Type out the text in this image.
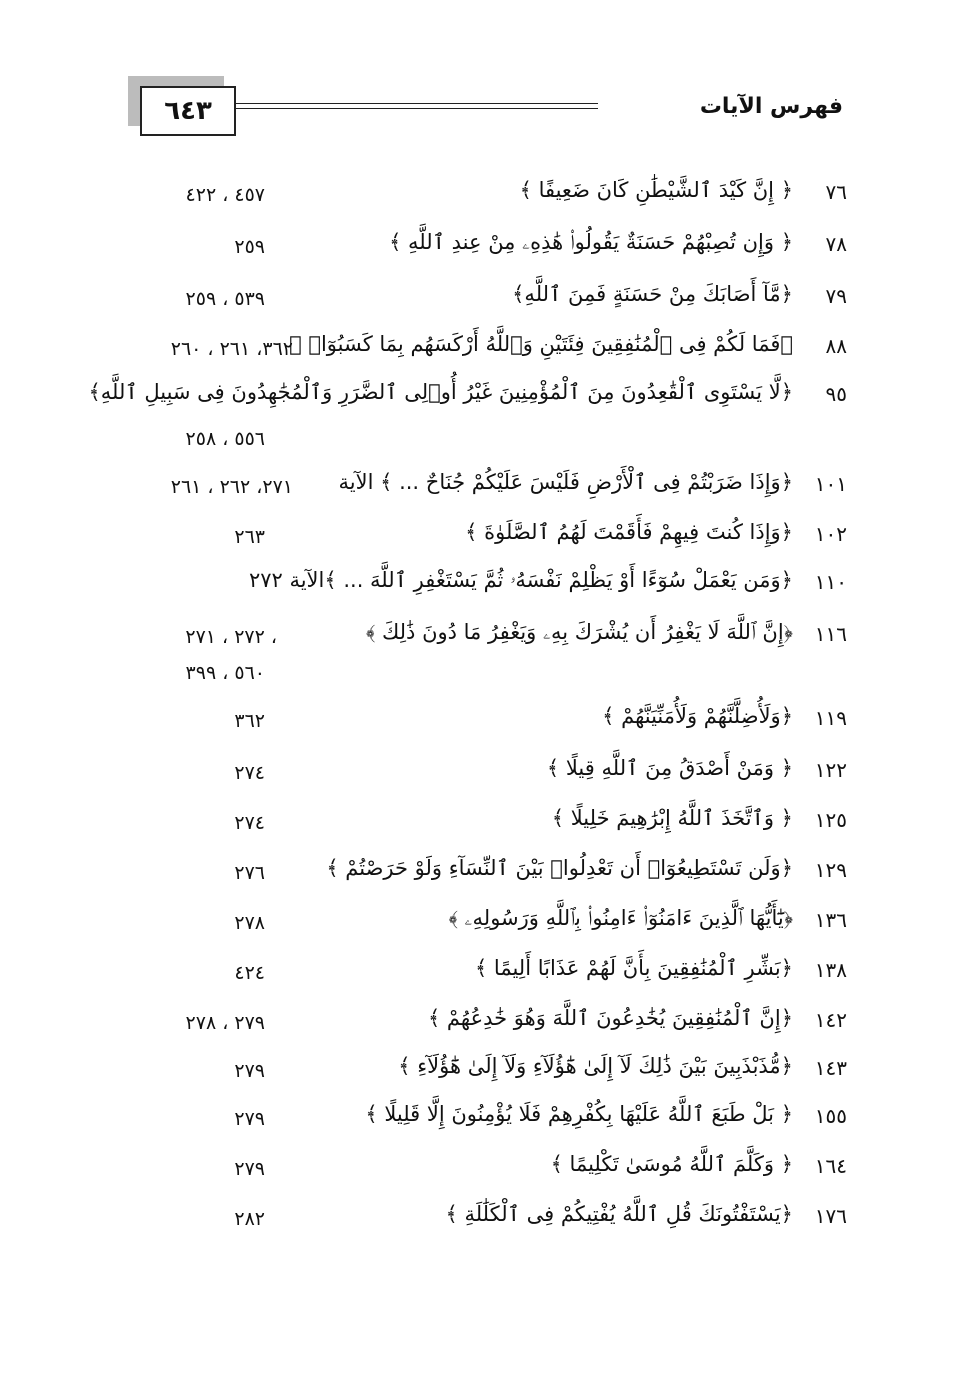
٦٤٣	فهرس الآيات
٧٦
﴿ إِنَّ كَيْدَ ٱلشَّيْطَٰنِ كَانَ ضَعِيفًا ﴾
٤٥٧ ، ٤٢٢
٧٨
﴿ وَإِن تُصِبْهُمْ حَسَنَةٌ يَقُولُوا۟ هَٰذِهِۦ مِنْ عِندِ ٱللَّهِ ﴾
٢٥٩
٧٩
﴿مَّآ أَصَابَكَ مِنْ حَسَنَةٍ فَمِنَ ٱللَّهِ﴾
٥٣٩ ، ٢٥٩
٨٨
﴿فَمَا لَكُمْ فِى ٱلْمُنَٰفِقِينَ فِئَتَيْنِ وَٱللَّهُ أَرْكَسَهُم بِمَا كَسَبُوٓا۟ ﴾
٣٦٢، ٢٦١ ، ٢٦٠
٩٥
﴿لَّا يَسْتَوِى ٱلْقَٰعِدُونَ مِنَ ٱلْمُؤْمِنِينَ غَيْرُ أُو۟لِى ٱلضَّرَرِ وَٱلْمُجَٰهِدُونَ فِى سَبِيلِ ٱللَّهِ﴾
٥٥٦ ، ٢٥٨
١٠١
﴿وَإِذَا ضَرَبْتُمْ فِى ٱلْأَرْضِ فَلَيْسَ عَلَيْكُمْ جُنَاحٌ ... ﴾ الآية
٢٧١، ٢٦٢ ، ٢٦١
١٠٢
﴿وَإِذَا كُنتَ فِيهِمْ فَأَقَمْتَ لَهُمُ ٱلصَّلَوٰةَ ﴾
٢٦٣
١١٠
﴿وَمَن يَعْمَلْ سُوٓءًا أَوْ يَظْلِمْ نَفْسَهُۥ ثُمَّ يَسْتَغْفِرِ ٱللَّهَ ... ﴾الآية ٢٧٢
١١٦
﴿إِنَّ ٱللَّهَ لَا يَغْفِرُ أَن يُشْرَكَ بِهِۦ وَيَغْفِرُ مَا دُونَ ذَٰلِكَ ﴾
، ٢٧٢ ، ٢٧١
٥٦٠ ، ٣٩٩
١١٩
﴿وَلَأُضِلَّنَّهُمْ وَلَأُمَنِّيَنَّهُمْ ﴾
٣٦٢
١٢٢
﴿ وَمَنْ أَصْدَقُ مِنَ ٱللَّهِ قِيلًا ﴾
٢٧٤
١٢٥
﴿ وَٱتَّخَذَ ٱللَّهُ إِبْرَٰهِيمَ خَلِيلًا ﴾
٢٧٤
١٢٩
﴿وَلَن تَسْتَطِيعُوٓا۟ أَن تَعْدِلُوا۟ بَيْنَ ٱلنِّسَآءِ وَلَوْ حَرَصْتُمْ ﴾
٢٧٦
١٣٦
﴿يَٰٓأَيُّهَا ٱلَّذِينَ ءَامَنُوٓا۟ ءَامِنُوا۟ بِٱللَّهِ وَرَسُولِهِۦ ﴾
٢٧٨
١٣٨
﴿بَشِّرِ ٱلْمُنَٰفِقِينَ بِأَنَّ لَهُمْ عَذَابًا أَلِيمًا ﴾
٤٢٤
١٤٢
﴿إِنَّ ٱلْمُنَٰفِقِينَ يُخَٰدِعُونَ ٱللَّهَ وَهُوَ خَٰدِعُهُمْ ﴾
٢٧٩ ، ٢٧٨
١٤٣
﴿مُّذَبْذَبِينَ بَيْنَ ذَٰلِكَ لَآ إِلَىٰ هَٰٓؤُلَآءِ وَلَآ إِلَىٰ هَٰٓؤُلَآءِ ﴾
٢٧٩
١٥٥
﴿ بَلْ طَبَعَ ٱللَّهُ عَلَيْهَا بِكُفْرِهِمْ فَلَا يُؤْمِنُونَ إِلَّا قَلِيلًا ﴾
٢٧٩
١٦٤
﴿ وَكَلَّمَ ٱللَّهُ مُوسَىٰ تَكْلِيمًا ﴾
٢٧٩
١٧٦
﴿يَسْتَفْتُونَكَ قُلِ ٱللَّهُ يُفْتِيكُمْ فِى ٱلْكَلَٰلَةِ ﴾
٢٨٢
